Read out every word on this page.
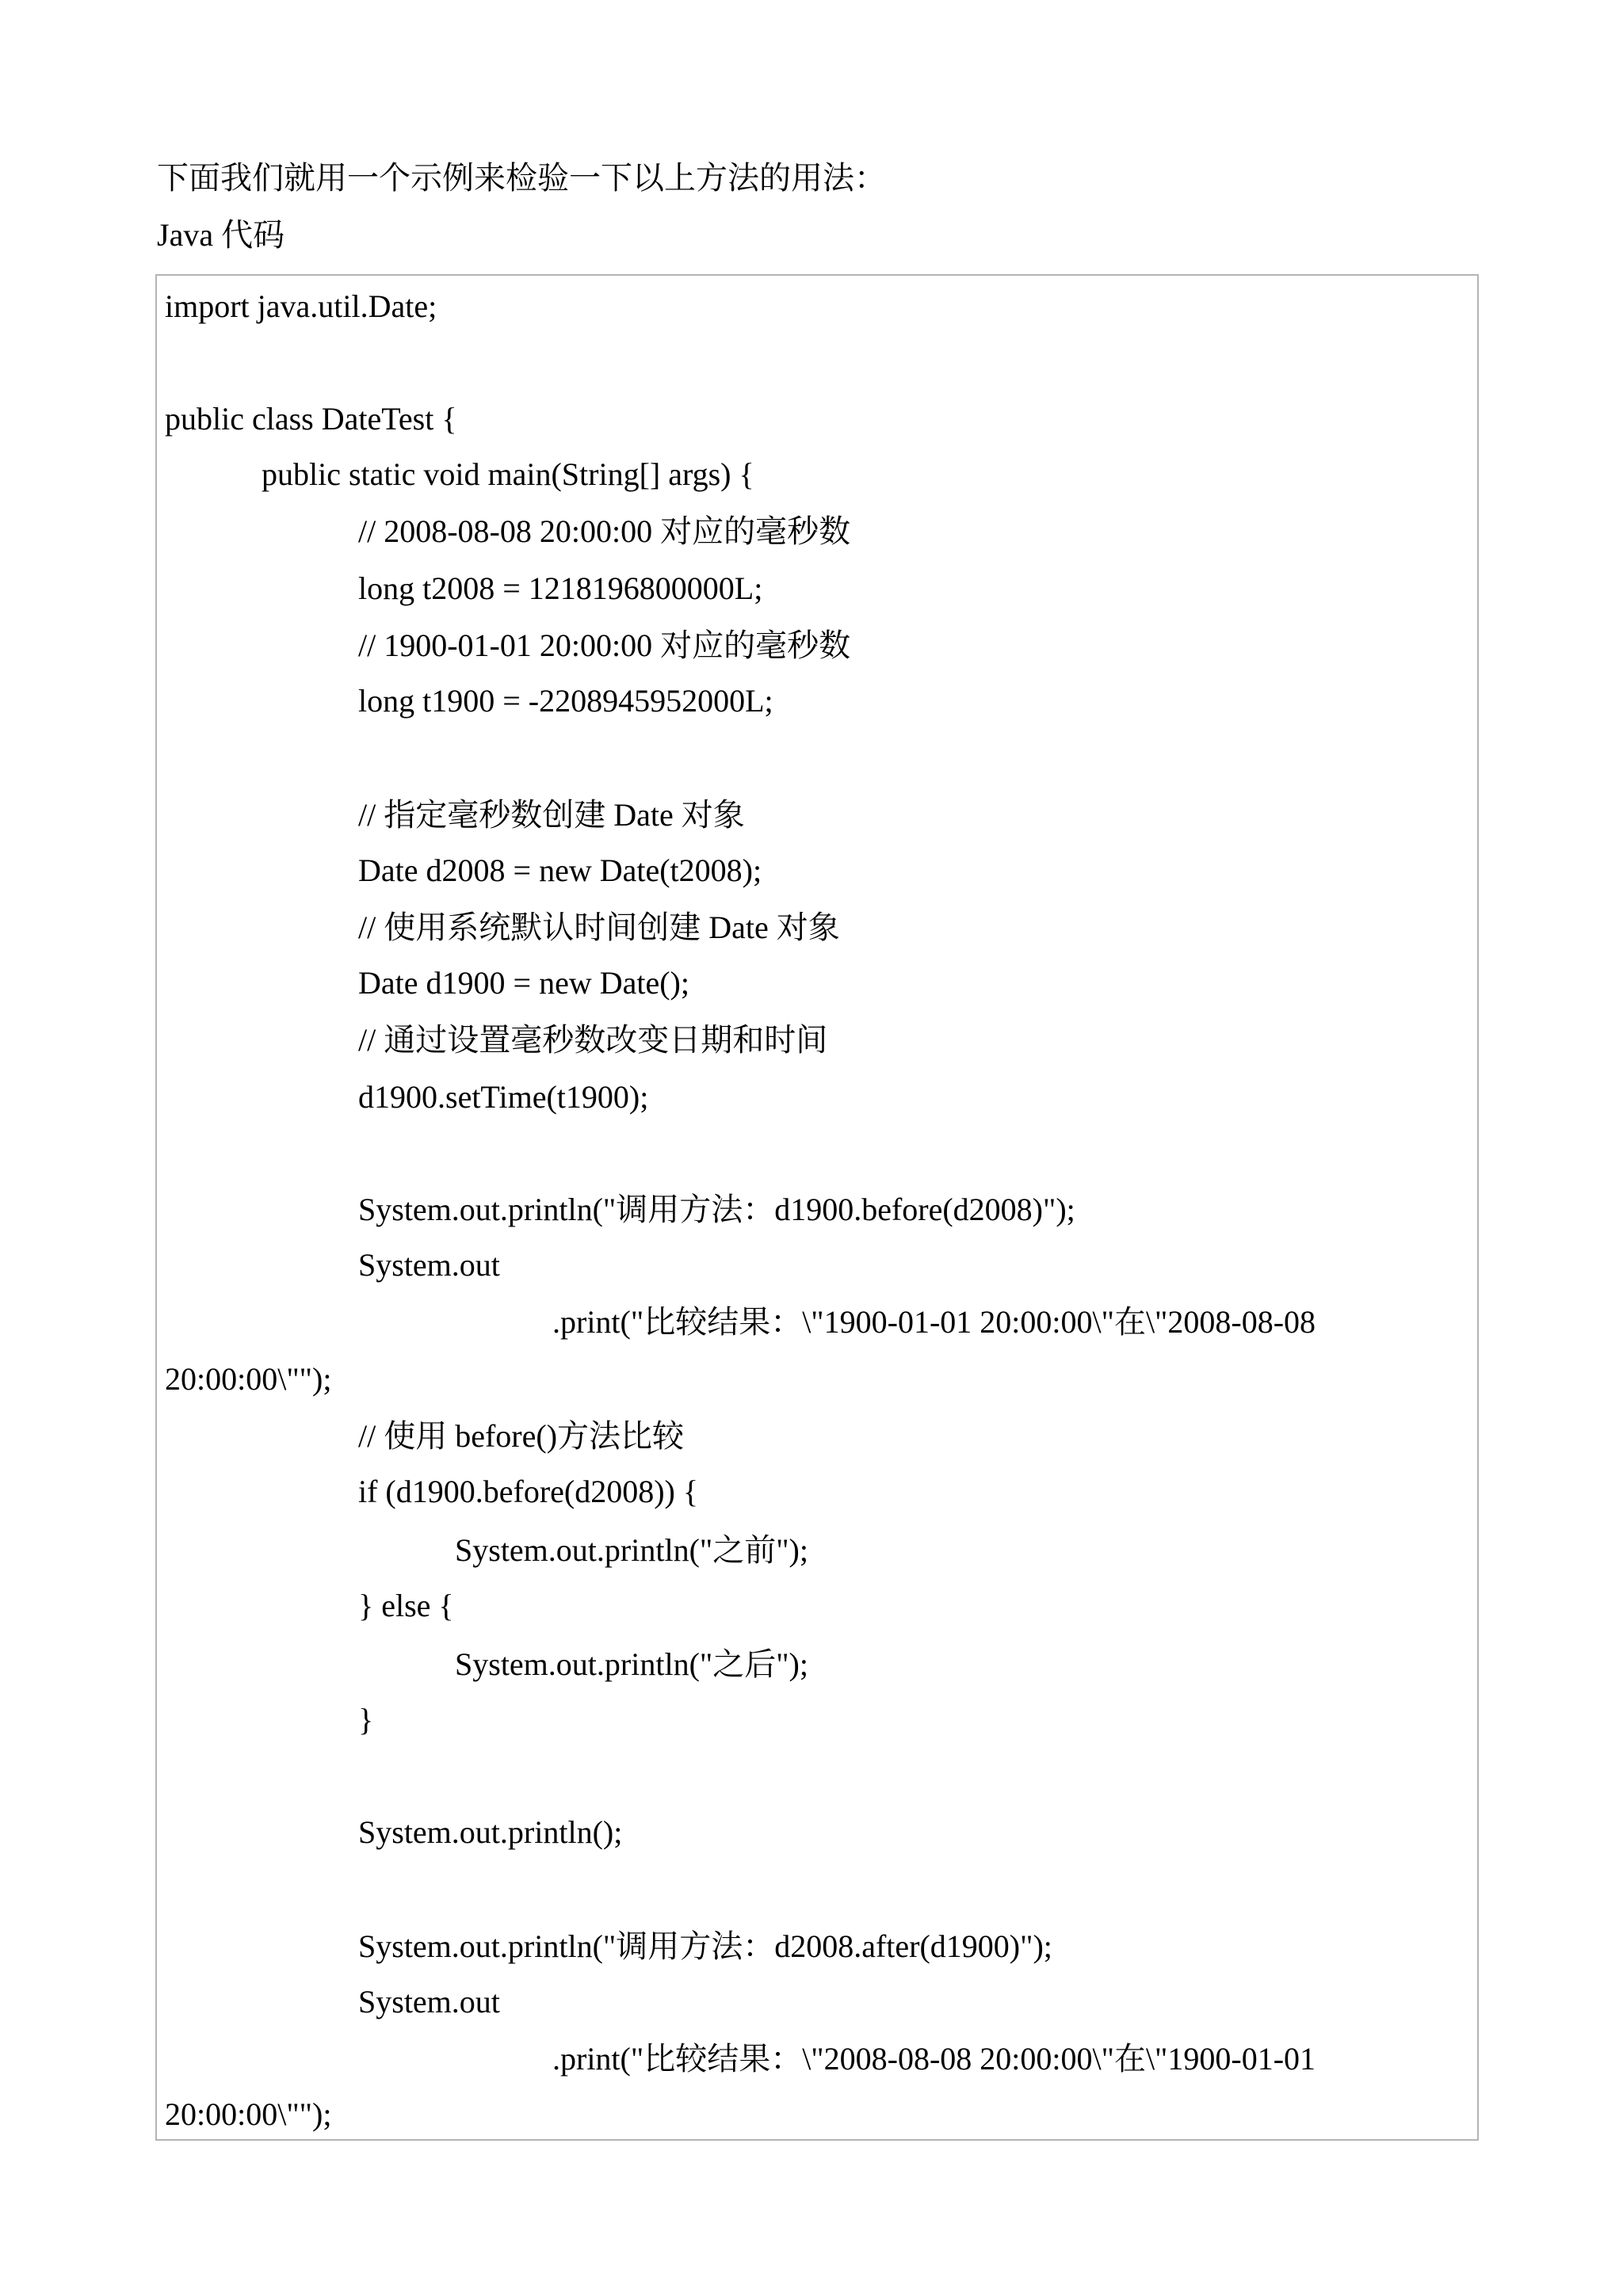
下面我们就用一个示例来检验一下以上方法的用法：
Java 代码
import java.util.Date;
public class DateTest {
public static void main(String[] args) {
// 2008-08-08 20:00:00 对应的毫秒数
long t2008 = 1218196800000L;
// 1900-01-01 20:00:00 对应的毫秒数
long t1900 = -2208945952000L;
// 指定毫秒数创建 Date 对象
Date d2008 = new Date(t2008);
// 使用系统默认时间创建 Date 对象
Date d1900 = new Date();
// 通过设置毫秒数改变日期和时间
d1900.setTime(t1900);
System.out.println("调用方法：d1900.before(d2008)");
System.out
.print("比较结果：\"1900-01-01 20:00:00\"在\"2008-08-08
20:00:00\"");
// 使用 before()方法比较
if (d1900.before(d2008)) {
System.out.println("之前");
} else {
System.out.println("之后");
}
System.out.println();
System.out.println("调用方法：d2008.after(d1900)");
System.out
.print("比较结果：\"2008-08-08 20:00:00\"在\"1900-01-01
20:00:00\"");
